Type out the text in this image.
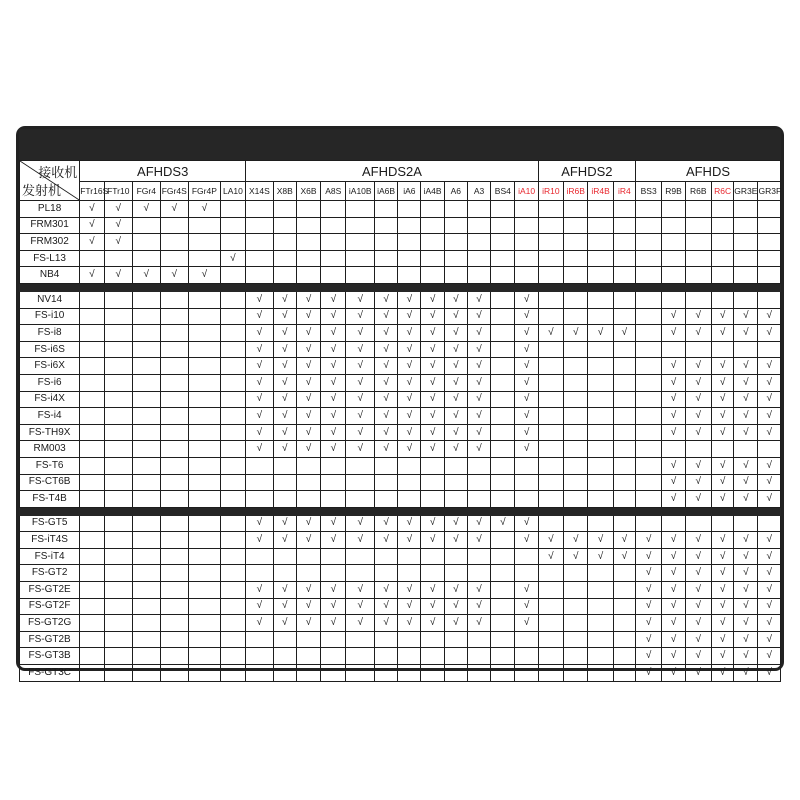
接收机
发射机	AFHDS3						AFHDS2A												AFHDS2				AFHDS					
	FTr16S	FTr10	FGr4	FGr4S	FGr4P	LA10	X14S	X8B	X6B	A8S	iA10B	iA6B	iA6	iA4B	A6	A3	BS4	iA10	iR10	iR6B	iR4B	iR4	BS3	R9B	R6B	R6C	GR3E	GR3F
PL18	√	√	√	√	√																							
FRM301	√	√																										
FRM302	√	√																										
FS-L13						√																						
NB4	√	√	√	√	√																							

NV14							√	√	√	√	√	√	√	√	√	√		√										
FS-i10							√	√	√	√	√	√	√	√	√	√		√						√	√	√	√	√
FS-i8							√	√	√	√	√	√	√	√	√	√		√	√	√	√	√		√	√	√	√	√
FS-i6S							√	√	√	√	√	√	√	√	√	√		√										
FS-i6X							√	√	√	√	√	√	√	√	√	√		√						√	√	√	√	√
FS-i6							√	√	√	√	√	√	√	√	√	√		√						√	√	√	√	√
FS-i4X							√	√	√	√	√	√	√	√	√	√		√						√	√	√	√	√
FS-i4							√	√	√	√	√	√	√	√	√	√		√						√	√	√	√	√
FS-TH9X							√	√	√	√	√	√	√	√	√	√		√						√	√	√	√	√
RM003							√	√	√	√	√	√	√	√	√	√		√										
FS-T6																								√	√	√	√	√
FS-CT6B																								√	√	√	√	√
FS-T4B																								√	√	√	√	√

FS-GT5							√	√	√	√	√	√	√	√	√	√	√	√										
FS-iT4S							√	√	√	√	√	√	√	√	√	√		√	√	√	√	√	√	√	√	√	√	√
FS-iT4																			√	√	√	√	√	√	√	√	√	√
FS-GT2																							√	√	√	√	√	√
FS-GT2E							√	√	√	√	√	√	√	√	√	√		√					√	√	√	√	√	√
FS-GT2F							√	√	√	√	√	√	√	√	√	√		√					√	√	√	√	√	√
FS-GT2G							√	√	√	√	√	√	√	√	√	√		√					√	√	√	√	√	√
FS-GT2B																							√	√	√	√	√	√
FS-GT3B																							√	√	√	√	√	√
FS-GT3C																							√	√	√	√	√	√
